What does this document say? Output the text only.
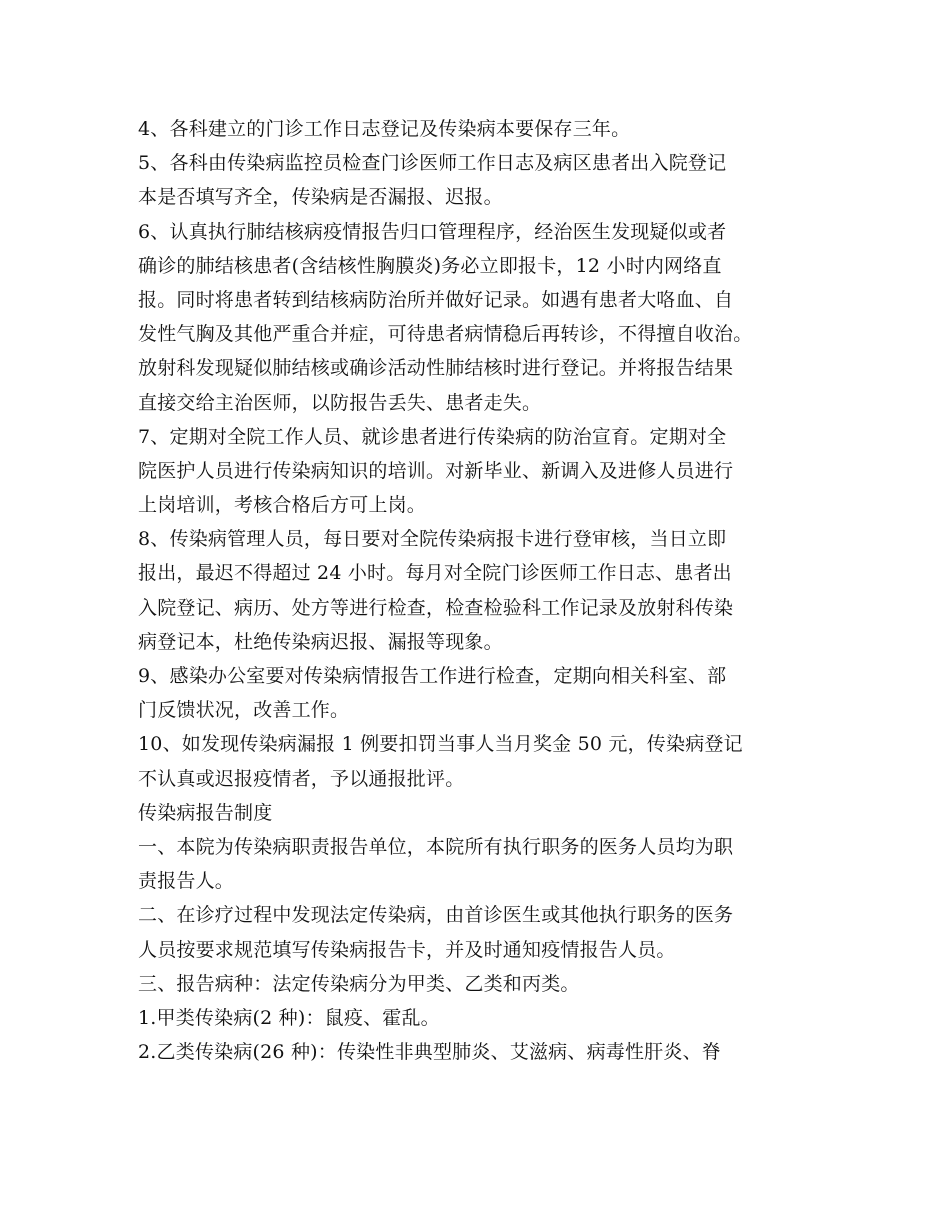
4、各科建立的门诊工作日志登记及传染病本要保存三年。
5、各科由传染病监控员检查门诊医师工作日志及病区患者出入院登记
本是否填写齐全，传染病是否漏报、迟报。
6、认真执行肺结核病疫情报告归口管理程序，经治医生发现疑似或者
确诊的肺结核患者(含结核性胸膜炎)务必立即报卡，12 小时内网络直
报。同时将患者转到结核病防治所并做好记录。如遇有患者大咯血、自
发性气胸及其他严重合并症，可待患者病情稳后再转诊，不得擅自收治。
放射科发现疑似肺结核或确诊活动性肺结核时进行登记。并将报告结果
直接交给主治医师，以防报告丢失、患者走失。
7、定期对全院工作人员、就诊患者进行传染病的防治宣育。定期对全
院医护人员进行传染病知识的培训。对新毕业、新调入及进修人员进行
上岗培训，考核合格后方可上岗。
8、传染病管理人员，每日要对全院传染病报卡进行登审核，当日立即
报出，最迟不得超过 24 小时。每月对全院门诊医师工作日志、患者出
入院登记、病历、处方等进行检查，检查检验科工作记录及放射科传染
病登记本，杜绝传染病迟报、漏报等现象。
9、感染办公室要对传染病情报告工作进行检查，定期向相关科室、部
门反馈状况，改善工作。
10、如发现传染病漏报 1 例要扣罚当事人当月奖金 50 元，传染病登记
不认真或迟报疫情者，予以通报批评。
传染病报告制度
一、本院为传染病职责报告单位，本院所有执行职务的医务人员均为职
责报告人。
二、在诊疗过程中发现法定传染病，由首诊医生或其他执行职务的医务
人员按要求规范填写传染病报告卡，并及时通知疫情报告人员。
三、报告病种：法定传染病分为甲类、乙类和丙类。
1.甲类传染病(2 种)：鼠疫、霍乱。
2.乙类传染病(26 种)：传染性非典型肺炎、艾滋病、病毒性肝炎、脊
